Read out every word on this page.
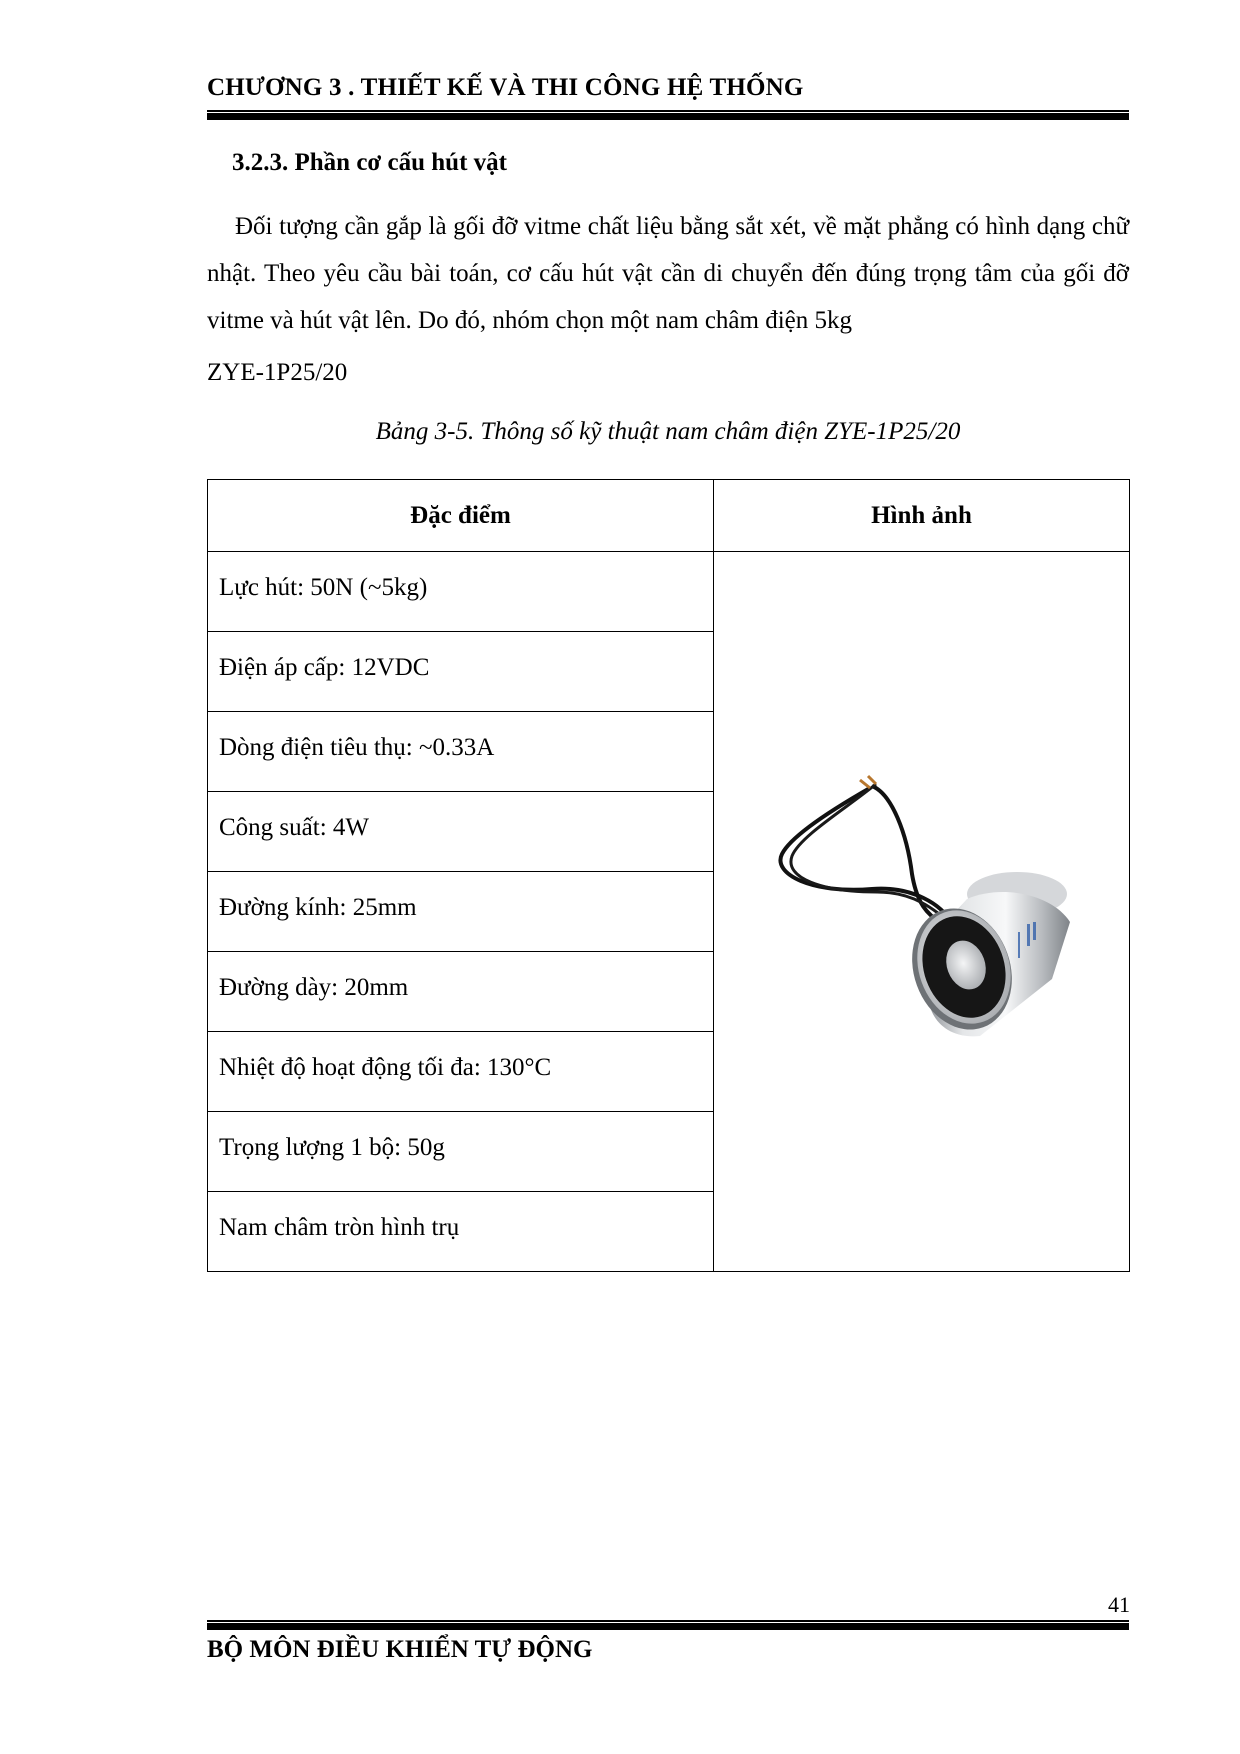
CHƯƠNG 3 . THIẾT KẾ VÀ THI CÔNG HỆ THỐNG
3.2.3. Phần cơ cấu hút vật

Đối tượng cần gắp là gối đỡ vitme chất liệu bằng sắt xét, về mặt phẳng có hình dạng chữ nhật. Theo yêu cầu bài toán, cơ cấu hút vật cần di chuyển đến đúng trọng tâm của gối đỡ vitme và hút vật lên. Do đó, nhóm chọn một nam châm điện 5kg

ZYE-1P25/20
Bảng 3-5. Thông số kỹ thuật nam châm điện ZYE-1P25/20
Đặc điểm	Hình ảnh
Lực hút: 50N (~5kg)	
Điện áp cấp: 12VDC	
Dòng điện tiêu thụ: ~0.33A	
Công suất: 4W	
Đường kính: 25mm	
Đường dày: 20mm	
Nhiệt độ hoạt động tối đa: 130°C	
Trọng lượng 1 bộ: 50g	
Nam châm tròn hình trụ	
41
BỘ MÔN ĐIỀU KHIỂN TỰ ĐỘNG
